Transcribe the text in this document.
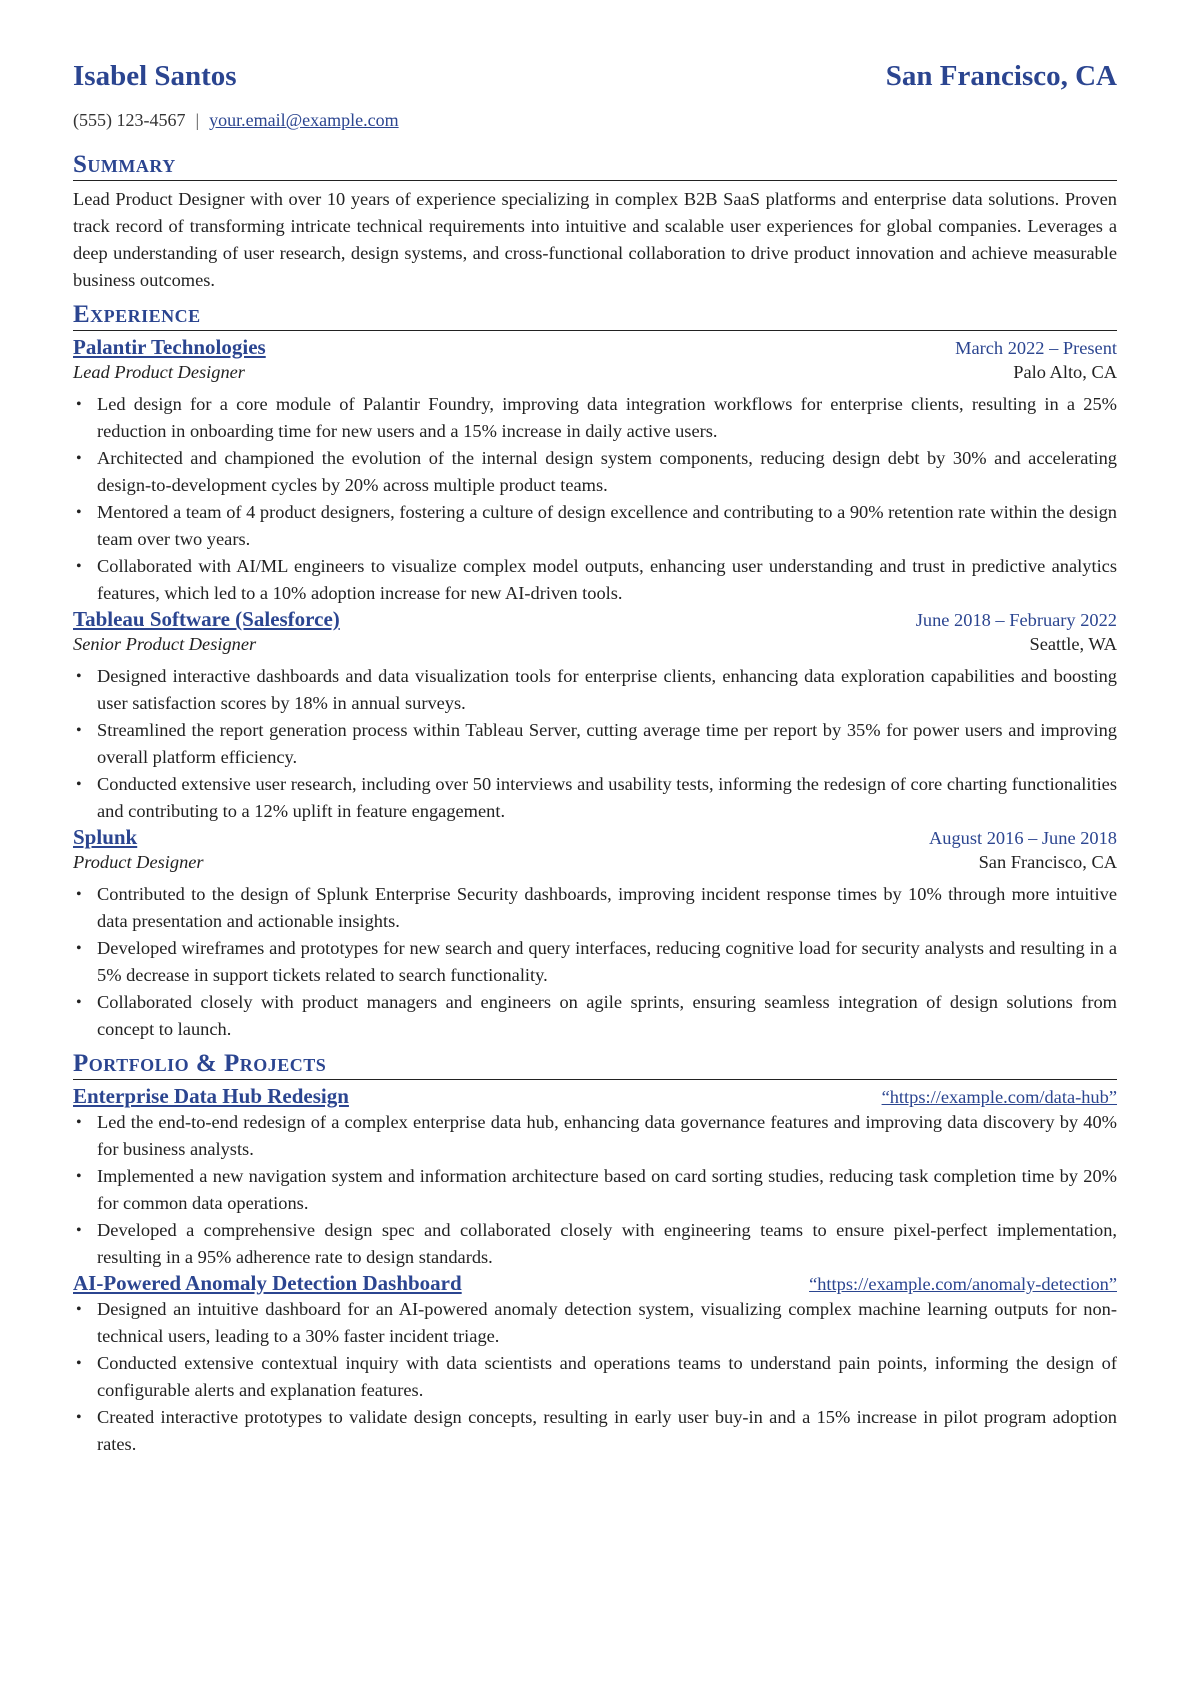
Isabel Santos	San Francisco, CA
(555) 123-4567 | your.email@example.com
Summary
Lead Product Designer with over 10 years of experience specializing in complex B2B SaaS platforms and enterprise data solutions. Proven track record of transforming intricate technical requirements into intuitive and scalable user experiences for global companies. Leverages a deep understanding of user research, design systems, and cross-functional collaboration to drive product innovation and achieve measurable business outcomes.
Experience
Palantir Technologies	March 2022 – Present
Lead Product Designer	Palo Alto, CA
• Led design for a core module of Palantir Foundry, improving data integration workflows for enterprise clients, resulting in a 25% reduction in onboarding time for new users and a 15% increase in daily active users.
• Architected and championed the evolution of the internal design system components, reducing design debt by 30% and accelerating design-to-development cycles by 20% across multiple product teams.
• Mentored a team of 4 product designers, fostering a culture of design excellence and contributing to a 90% retention rate within the design team over two years.
• Collaborated with AI/ML engineers to visualize complex model outputs, enhancing user understanding and trust in predictive analytics features, which led to a 10% adoption increase for new AI-driven tools.
Tableau Software (Salesforce)	June 2018 – February 2022
Senior Product Designer	Seattle, WA
• Designed interactive dashboards and data visualization tools for enterprise clients, enhancing data exploration capabilities and boosting user satisfaction scores by 18% in annual surveys.
• Streamlined the report generation process within Tableau Server, cutting average time per report by 35% for power users and improving overall platform efficiency.
• Conducted extensive user research, including over 50 interviews and usability tests, informing the redesign of core charting functionalities and contributing to a 12% uplift in feature engagement.
Splunk	August 2016 – June 2018
Product Designer	San Francisco, CA
• Contributed to the design of Splunk Enterprise Security dashboards, improving incident response times by 10% through more intuitive data presentation and actionable insights.
• Developed wireframes and prototypes for new search and query interfaces, reducing cognitive load for security analysts and resulting in a 5% decrease in support tickets related to search functionality.
• Collaborated closely with product managers and engineers on agile sprints, ensuring seamless integration of design solutions from concept to launch.
Portfolio & Projects
Enterprise Data Hub Redesign	“https://example.com/data-hub”
• Led the end-to-end redesign of a complex enterprise data hub, enhancing data governance features and improving data discovery by 40% for business analysts.
• Implemented a new navigation system and information architecture based on card sorting studies, reducing task completion time by 20% for common data operations.
• Developed a comprehensive design spec and collaborated closely with engineering teams to ensure pixel-perfect implementation, resulting in a 95% adherence rate to design standards.
AI-Powered Anomaly Detection Dashboard	“https://example.com/anomaly-detection”
• Designed an intuitive dashboard for an AI-powered anomaly detection system, visualizing complex machine learning outputs for non-technical users, leading to a 30% faster incident triage.
• Conducted extensive contextual inquiry with data scientists and operations teams to understand pain points, informing the design of configurable alerts and explanation features.
• Created interactive prototypes to validate design concepts, resulting in early user buy-in and a 15% increase in pilot program adoption rates.
